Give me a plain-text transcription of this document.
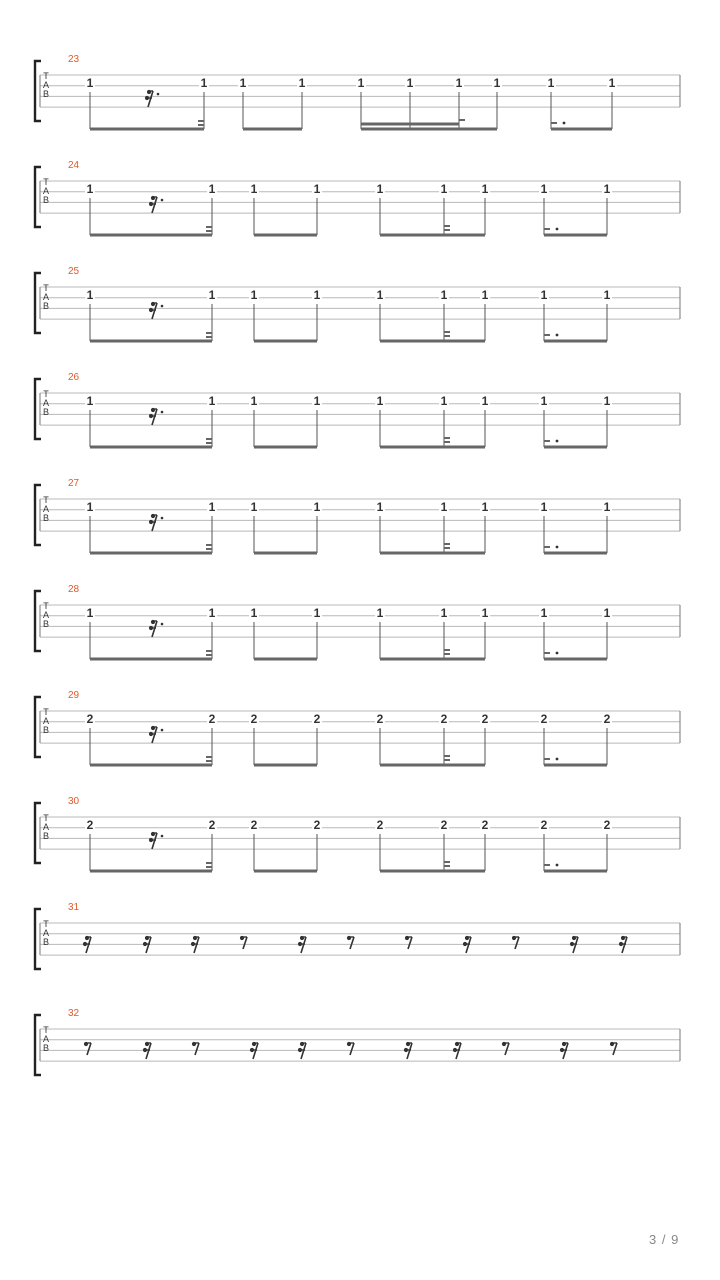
23
T
A
B
1	1	1	1	1	1	1	1	1	1
24
T
A
B
1	1	1	1	1	1	1	1	1
25
T
A
B
1	1	1	1	1	1	1	1	1
26
T
A
B
1	1	1	1	1	1	1	1	1
27
T
A
B
1	1	1	1	1	1	1	1	1
28
T
A
B
1	1	1	1	1	1	1	1	1
29
T
A
B
2	2	2	2	2	2	2	2	2
30
T
A
B
2	2	2	2	2	2	2	2	2
31
T
A
B
32
T
A
B
3 / 9
